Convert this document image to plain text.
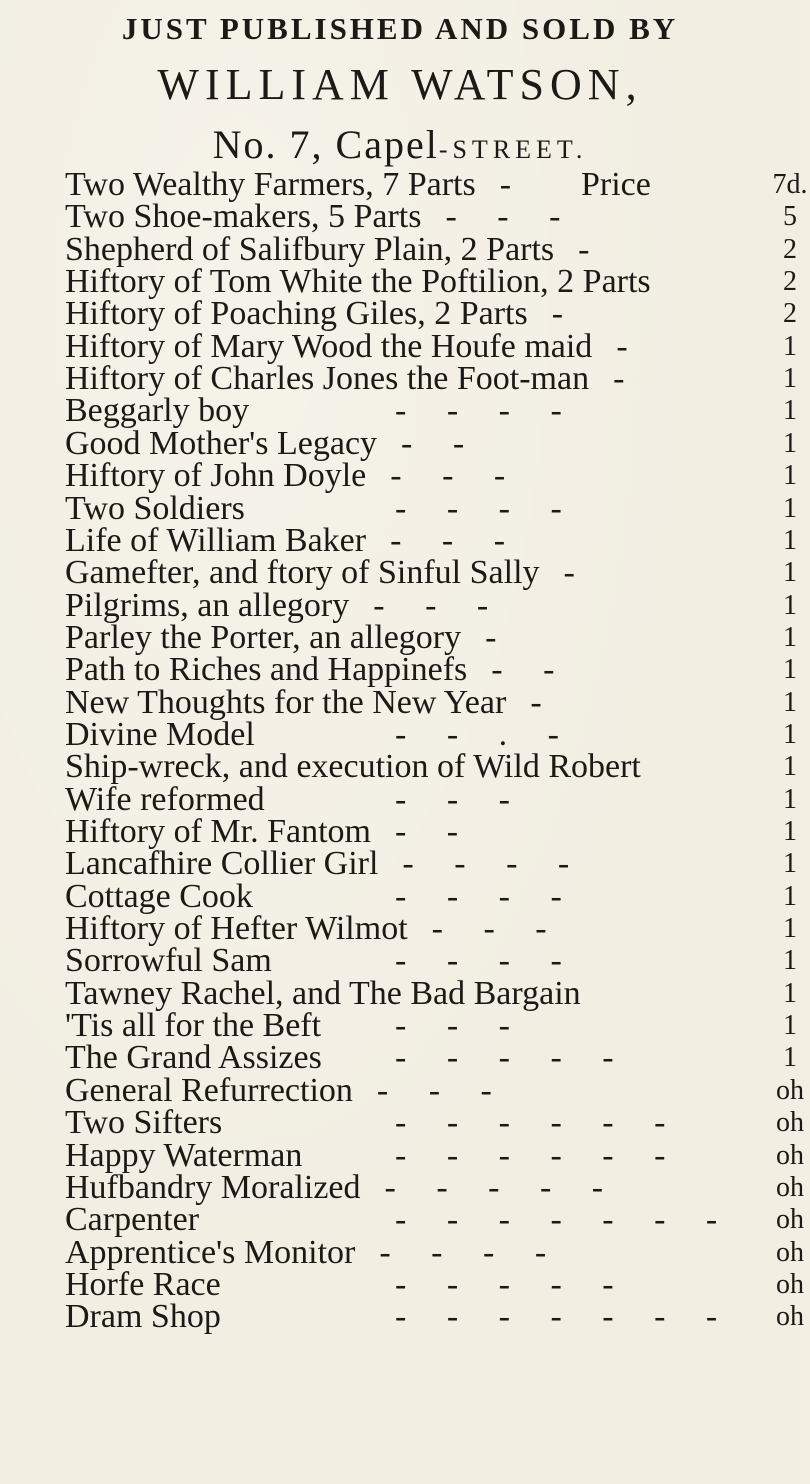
JUST PUBLISHED AND SOLD BY
WILLIAM WATSON,
No. 7, Capel-STREET.
Two Wealthy Farmers, 7 Parts - Price	7d.
Two Shoe-makers, 5 Parts - - -	5
Shepherd of Salifbury Plain, 2 Parts -	2
Hiftory of Tom White the Poftilion, 2 Parts	2
Hiftory of Poaching Giles, 2 Parts -	2
Hiftory of Mary Wood the Houfe maid -	1
Hiftory of Charles Jones the Foot-man -	1
Beggarly boy	- - - -	1
Good Mother's Legacy - -	1
Hiftory of John Doyle - - -	1
Two Soldiers	- - - -	1
Life of William Baker - - -	1
Gamefter, and ftory of Sinful Sally -	1
Pilgrims, an allegory - - -	1
Parley the Porter, an allegory -	1
Path to Riches and Happinefs - -	1
New Thoughts for the New Year -	1
Divine Model	- - . -	1
Ship-wreck, and execution of Wild Robert	1
Wife reformed	- - -	1
Hiftory of Mr. Fantom - -	1
Lancafhire Collier Girl - - - -	1
Cottage Cook	- - - -	1
Hiftory of Hefter Wilmot - - -	1
Sorrowful Sam	- - - -	1
Tawney Rachel, and The Bad Bargain	1
'Tis all for the Beft - - -	1
The Grand Assizes - - - - -	1
General Refurrection - - -	oh
Two Sifters	- - - - - -	oh
Happy Waterman	- - - - - -	oh
Hufbandry Moralized - - - - -	oh
Carpenter	- - - - - - - oh
Apprentice's Monitor - - - -	oh
Horfe Race	- - - - -	oh
Dram Shop	- - - - - - - oh
